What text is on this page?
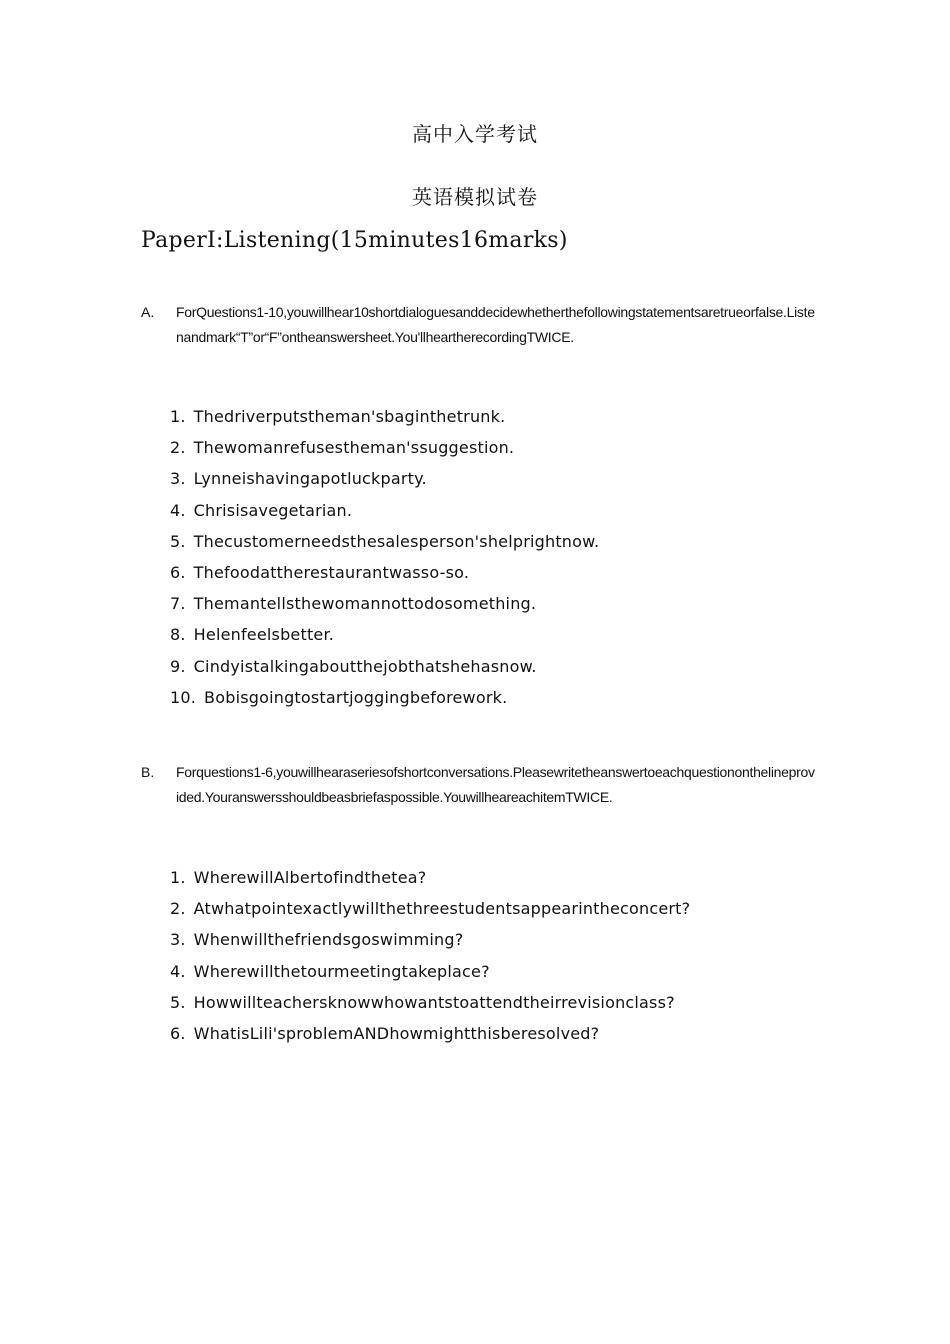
高中入学考试
英语模拟试卷
PaperI:Listening(15minutes16marks)
A. ForQuestions1-10,youwillhear10shortdialoguesanddecidewhetherthefollowingstatementsaretrueorfalse.Listenandmark“T”or“F”ontheanswersheet.You'llheartherecordingTWICE.
1. Thedriverputstheman'sbaginthetrunk.
2. Thewomanrefusestheman'ssuggestion.
3. Lynneishavingapotluckparty.
4. Chrisisavegetarian.
5. Thecustomerneedsthesalesperson'shelprightnow.
6. Thefoodattherestaurantwasso-so.
7. Themantellsthewomannottodosomething.
8. Helenfeelsbetter.
9. Cindyistalkingaboutthejobthatshehasnow.
10. Bobisgoingtostartjoggingbeforework.
B. Forquestions1-6,youwillhearaseriesofshortconversations.Pleasewritetheanswertoeachquestiononthelineprovided.Youranswersshouldbeasbriefaspossible.YouwillheareachitemTWICE.
1. WherewillAlbertofindthetea?
2. Atwhatpointexactlywillthethreestudentsappearintheconcert?
3. Whenwillthefriendsgoswimming?
4. Wherewillthetourmeetingtakeplace?
5. Howwillteachersknowwhowantstoattendtheirrevisionclass?
6. WhatisLili'sproblemANDhowmightthisberesolved?
